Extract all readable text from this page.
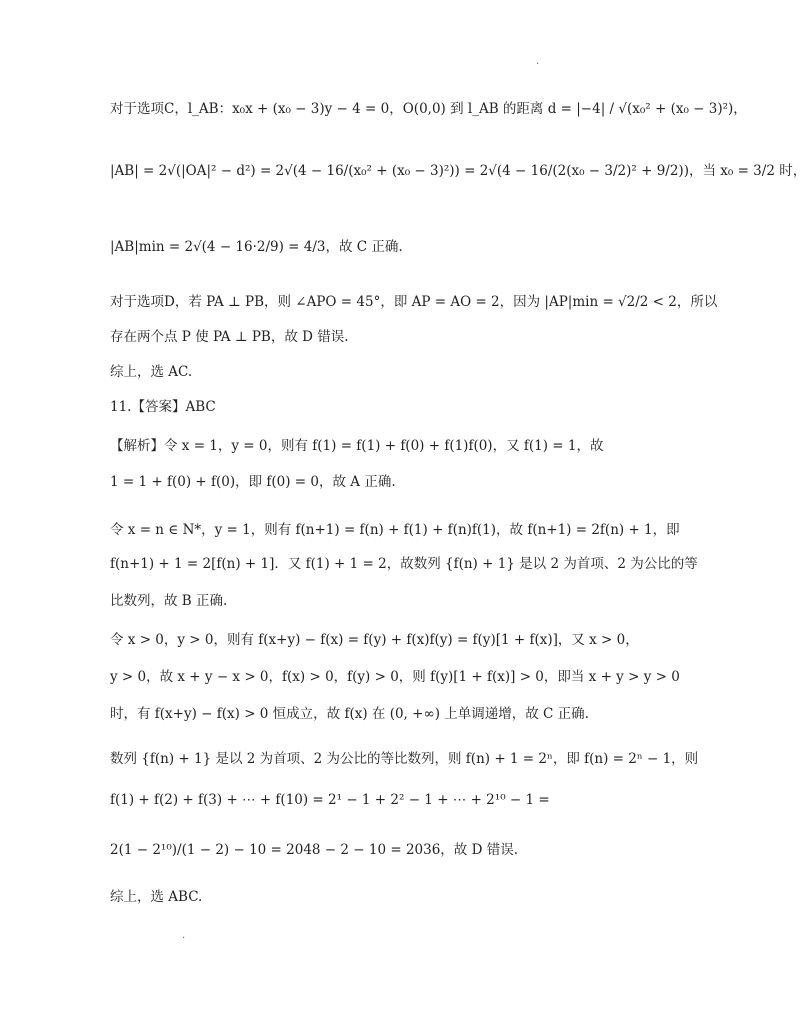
.
对于选项C，l_AB：x₀x + (x₀ − 3)y − 4 = 0，O(0,0) 到 l_AB 的距离 d = |−4| / √(x₀² + (x₀ − 3)²)，
|AB| = 2√(|OA|² − d²) = 2√(4 − 16/(x₀² + (x₀ − 3)²)) = 2√(4 − 16/(2(x₀ − 3/2)² + 9/2))，当 x₀ = 3/2 时，
|AB|min = 2√(4 − 16·2/9) = 4/3，故 C 正确.
对于选项D，若 PA ⊥ PB，则 ∠APO = 45°，即 AP = AO = 2，因为 |AP|min = √2/2 < 2，所以
存在两个点 P 使 PA ⊥ PB，故 D 错误.
综上，选 AC.
11.【答案】ABC
【解析】令 x = 1，y = 0，则有 f(1) = f(1) + f(0) + f(1)f(0)，又 f(1) = 1，故
1 = 1 + f(0) + f(0)，即 f(0) = 0，故 A 正确.
令 x = n ∈ N*，y = 1，则有 f(n+1) = f(n) + f(1) + f(n)f(1)，故 f(n+1) = 2f(n) + 1，即
f(n+1) + 1 = 2[f(n) + 1]．又 f(1) + 1 = 2，故数列 {f(n) + 1} 是以 2 为首项、2 为公比的等
比数列，故 B 正确.
令 x > 0，y > 0，则有 f(x+y) − f(x) = f(y) + f(x)f(y) = f(y)[1 + f(x)]，又 x > 0，
y > 0，故 x + y − x > 0，f(x) > 0，f(y) > 0，则 f(y)[1 + f(x)] > 0，即当 x + y > y > 0
时，有 f(x+y) − f(x) > 0 恒成立，故 f(x) 在 (0, +∞) 上单调递增，故 C 正确.
数列 {f(n) + 1} 是以 2 为首项、2 为公比的等比数列，则 f(n) + 1 = 2ⁿ，即 f(n) = 2ⁿ − 1，则
f(1) + f(2) + f(3) + ⋯ + f(10) = 2¹ − 1 + 2² − 1 + ⋯ + 2¹⁰ − 1 =
2(1 − 2¹⁰)/(1 − 2) − 10 = 2048 − 2 − 10 = 2036，故 D 错误.
综上，选 ABC.
.
